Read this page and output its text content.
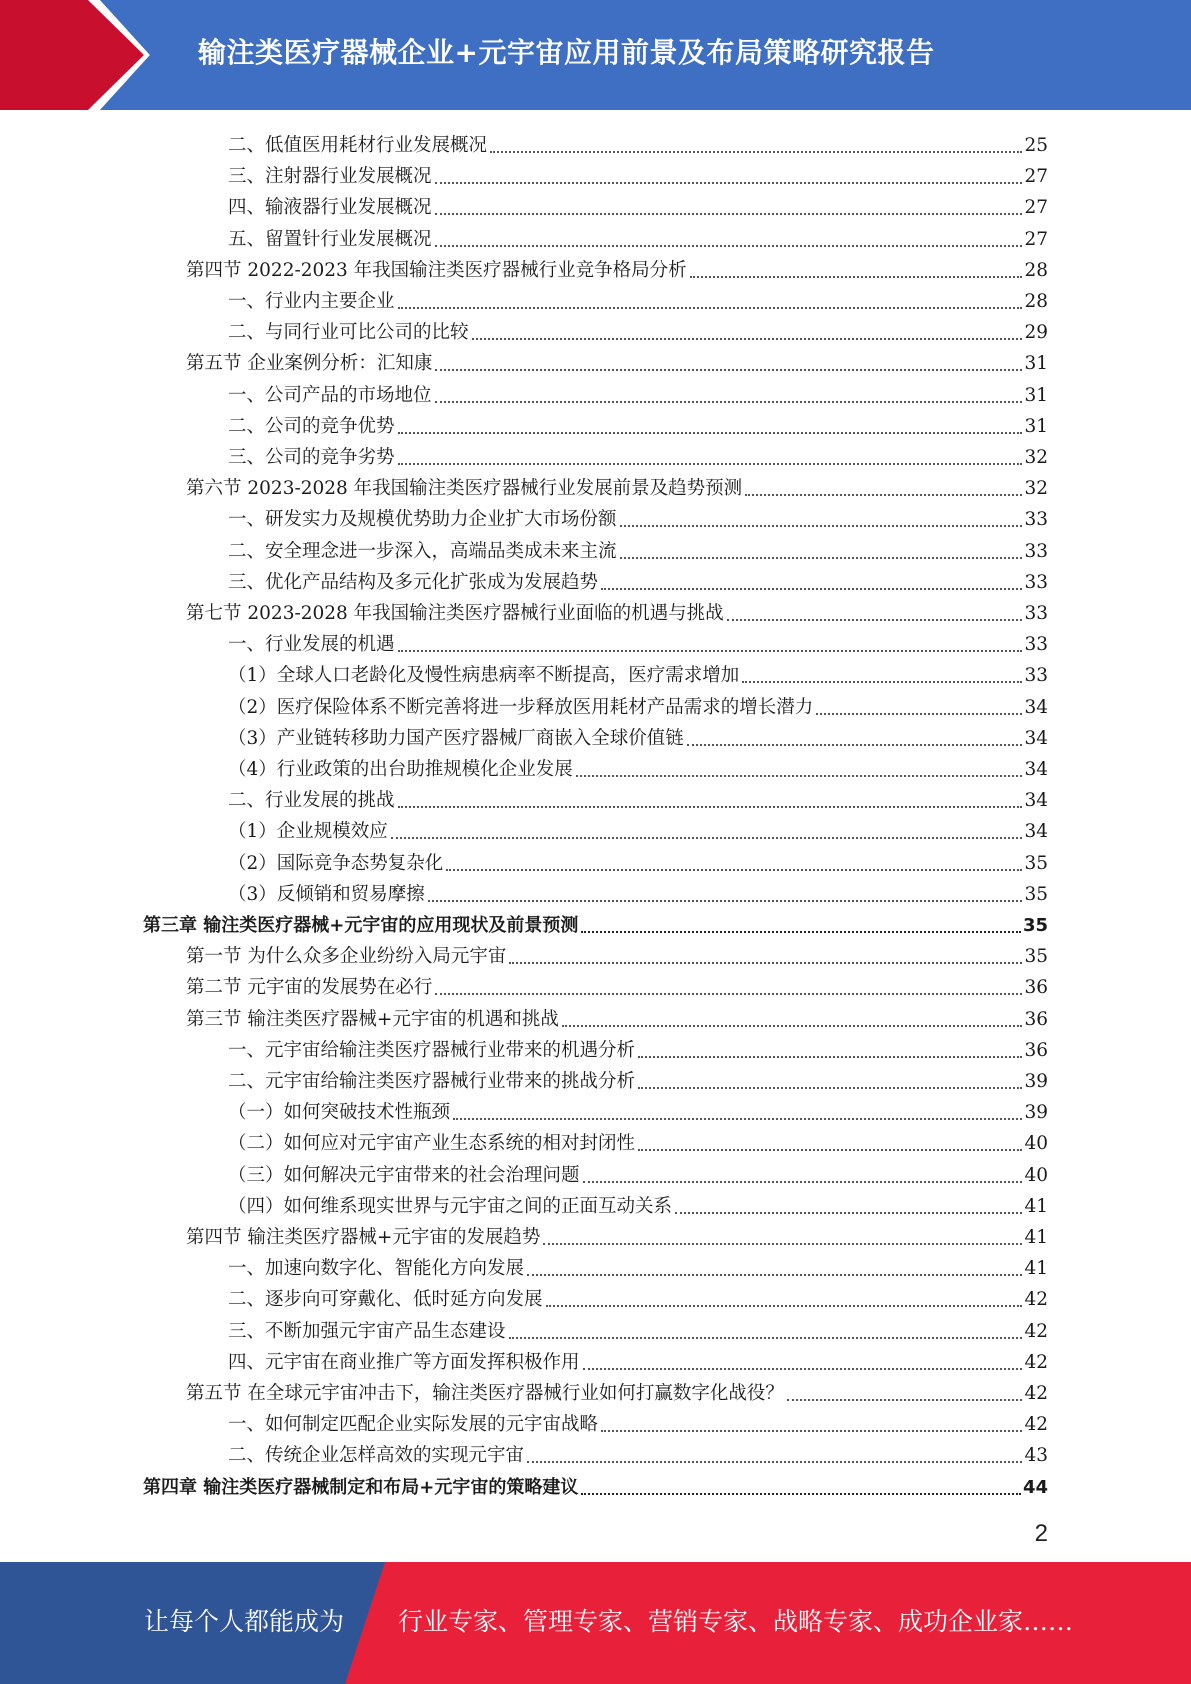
输注类医疗器械企业+元宇宙应用前景及布局策略研究报告
二、低值医用耗材行业发展概况	25
三、注射器行业发展概况	27
四、输液器行业发展概况	27
五、留置针行业发展概况	27
第四节 2022-2023 年我国输注类医疗器械行业竞争格局分析	28
一、行业内主要企业	28
二、与同行业可比公司的比较	29
第五节 企业案例分析：汇知康	31
一、公司产品的市场地位	31
二、公司的竞争优势	31
三、公司的竞争劣势	32
第六节 2023-2028 年我国输注类医疗器械行业发展前景及趋势预测	32
一、研发实力及规模优势助力企业扩大市场份额	33
二、安全理念进一步深入，高端品类成未来主流	33
三、优化产品结构及多元化扩张成为发展趋势	33
第七节 2023-2028 年我国输注类医疗器械行业面临的机遇与挑战	33
一、行业发展的机遇	33
（1）全球人口老龄化及慢性病患病率不断提高，医疗需求增加	33
（2）医疗保险体系不断完善将进一步释放医用耗材产品需求的增长潜力	34
（3）产业链转移助力国产医疗器械厂商嵌入全球价值链	34
（4）行业政策的出台助推规模化企业发展	34
二、行业发展的挑战	34
（1）企业规模效应	34
（2）国际竞争态势复杂化	35
（3）反倾销和贸易摩擦	35
第三章 输注类医疗器械+元宇宙的应用现状及前景预测	35
第一节 为什么众多企业纷纷入局元宇宙	35
第二节 元宇宙的发展势在必行	36
第三节 输注类医疗器械+元宇宙的机遇和挑战	36
一、元宇宙给输注类医疗器械行业带来的机遇分析	36
二、元宇宙给输注类医疗器械行业带来的挑战分析	39
（一）如何突破技术性瓶颈	39
（二）如何应对元宇宙产业生态系统的相对封闭性	40
（三）如何解决元宇宙带来的社会治理问题	40
（四）如何维系现实世界与元宇宙之间的正面互动关系	41
第四节 输注类医疗器械+元宇宙的发展趋势	41
一、加速向数字化、智能化方向发展	41
二、逐步向可穿戴化、低时延方向发展	42
三、不断加强元宇宙产品生态建设	42
四、元宇宙在商业推广等方面发挥积极作用	42
第五节 在全球元宇宙冲击下，输注类医疗器械行业如何打赢数字化战役？	42
一、如何制定匹配企业实际发展的元宇宙战略	42
二、传统企业怎样高效的实现元宇宙	43
第四章 输注类医疗器械制定和布局+元宇宙的策略建议	44
2
让每个人都能成为 行业专家、管理专家、营销专家、战略专家、成功企业家……
